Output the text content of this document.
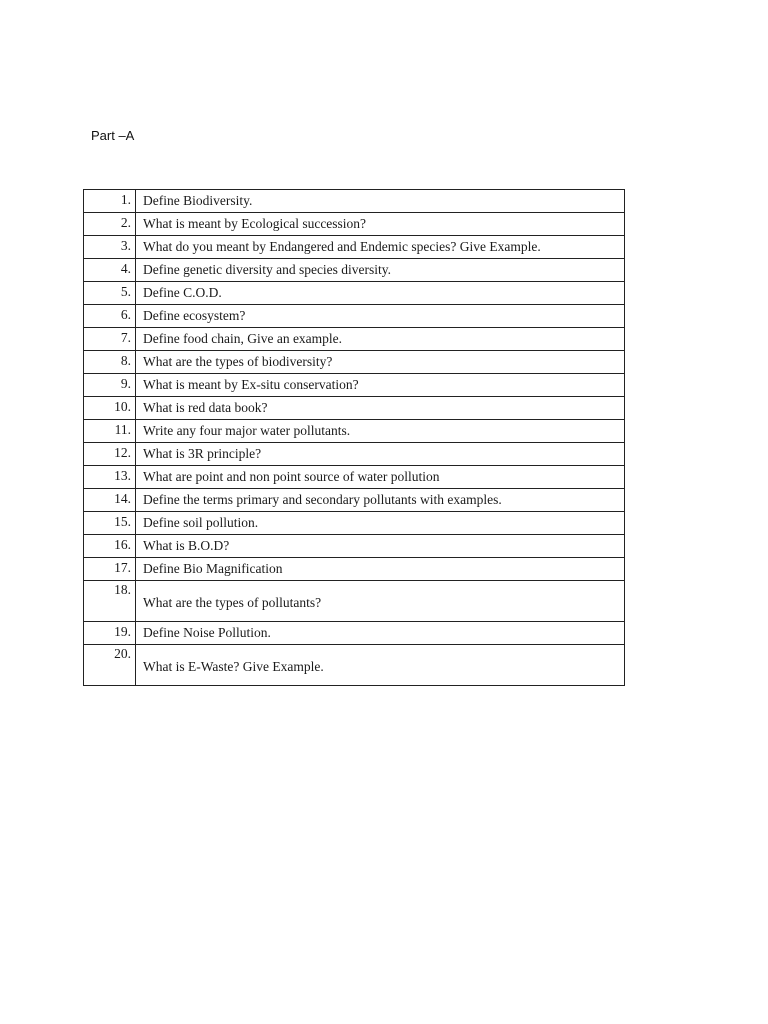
Part –A
1.	Define Biodiversity.
2.	What is meant by Ecological succession?
3.	What do you meant by Endangered and Endemic species? Give Example.
4.	Define genetic diversity and species diversity.
5.	Define C.O.D.
6.	Define ecosystem?
7.	Define food chain, Give an example.
8.	What are the types of biodiversity?
9.	What is meant by Ex-situ conservation?
10.	What is red data book?
11.	Write any four major water pollutants.
12.	What is 3R principle?
13.	What are point and non point source of water pollution
14.	Define the terms primary and secondary pollutants with examples.
15.	Define soil pollution.
16.	What is B.O.D?
17.	Define Bio Magnification
18.	What are the types of pollutants?
19.	Define Noise Pollution.
20.	What is E-Waste? Give Example.
